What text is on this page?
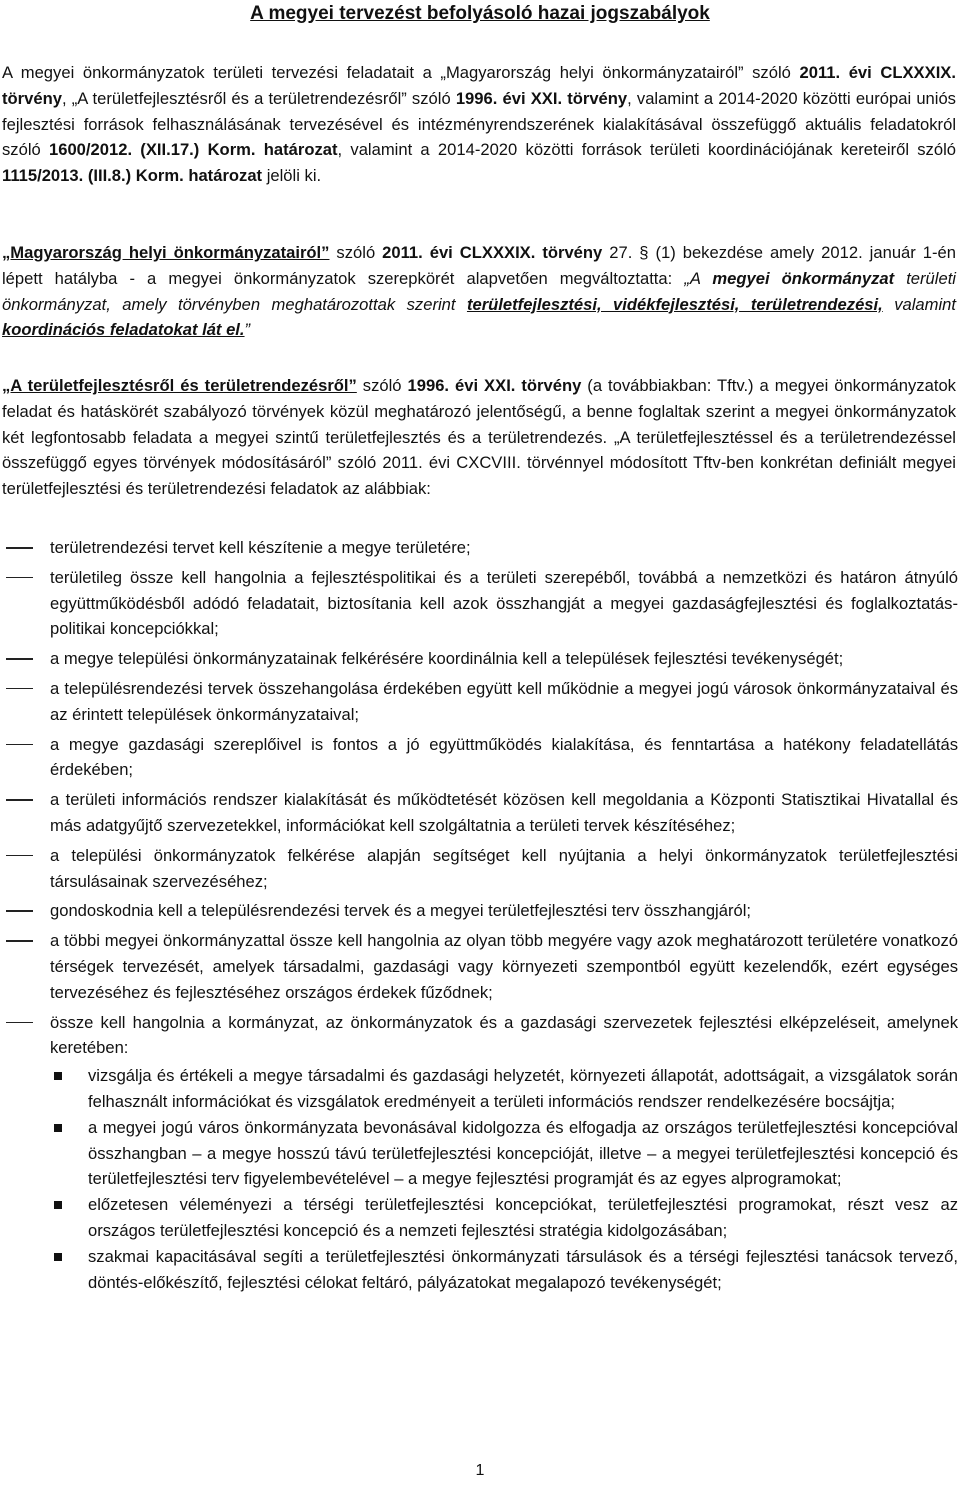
A megyei tervezést befolyásoló hazai jogszabályok

A megyei önkormányzatok területi tervezési feladatait a „Magyarország helyi önkormányzatairól” szóló 2011. évi CLXXXIX. törvény, „A területfejlesztésről és a területrendezésről” szóló 1996. évi XXI. törvény, valamint a 2014-2020 közötti európai uniós fejlesztési források felhasználásának tervezésével és intézményrendszerének kialakításával összefüggő aktuális feladatokról szóló 1600/2012. (XII.17.) Korm. határozat, valamint a 2014-2020 közötti források területi koordinációjának kereteiről szóló 1115/2013. (III.8.) Korm. határozat jelöli ki.

„Magyarország helyi önkormányzatairól” szóló 2011. évi CLXXXIX. törvény 27. § (1) bekezdése amely 2012. január 1-én lépett hatályba - a megyei önkormányzatok szerepkörét alapvetően megváltoztatta: „A megyei önkormányzat területi önkormányzat, amely törvényben meghatározottak szerint területfejlesztési, vidékfejlesztési, területrendezési, valamint koordinációs feladatokat lát el.”

„A területfejlesztésről és területrendezésről” szóló 1996. évi XXI. törvény (a továbbiakban: Tftv.) a megyei önkormányzatok feladat és hatáskörét szabályozó törvények közül meghatározó jelentőségű, a benne foglaltak szerint a megyei önkormányzatok két legfontosabb feladata a megyei szintű területfejlesztés és a területrendezés. „A területfejlesztéssel és a területrendezéssel összefüggő egyes törvények módosításáról” szóló 2011. évi CXCVIII. törvénnyel módosított Tftv-ben konkrétan definiált megyei területfejlesztési és területrendezési feladatok az alábbiak:

területrendezési tervet kell készítenie a megye területére;
területileg össze kell hangolnia a fejlesztéspolitikai és a területi szerepéből, továbbá a nemzetközi és határon átnyúló együttműködésből adódó feladatait, biztosítania kell azok összhangját a megyei gazdaságfejlesztési és foglalkoztatás-politikai koncepciókkal;
a megye települési önkormányzatainak felkérésére koordinálnia kell a települések fejlesztési tevékenységét;
a településrendezési tervek összehangolása érdekében együtt kell működnie a megyei jogú városok önkormányzataival és az érintett települések önkormányzataival;
a megye gazdasági szereplőivel is fontos a jó együttműködés kialakítása, és fenntartása a hatékony feladatellátás érdekében;
a területi információs rendszer kialakítását és működtetését közösen kell megoldania a Központi Statisztikai Hivatallal és más adatgyűjtő szervezetekkel, információkat kell szolgáltatnia a területi tervek készítéséhez;
a települési önkormányzatok felkérése alapján segítséget kell nyújtania a helyi önkormányzatok területfejlesztési társulásainak szervezéséhez;
gondoskodnia kell a településrendezési tervek és a megyei területfejlesztési terv összhangjáról;
a többi megyei önkormányzattal össze kell hangolnia az olyan több megyére vagy azok meghatározott területére vonatkozó térségek tervezését, amelyek társadalmi, gazdasági vagy környezeti szempontból együtt kezelendők, ezért egységes tervezéséhez és fejlesztéséhez országos érdekek fűződnek;
össze kell hangolnia a kormányzat, az önkormányzatok és a gazdasági szervezetek fejlesztési elképzeléseit, amelynek keretében:
vizsgálja és értékeli a megye társadalmi és gazdasági helyzetét, környezeti állapotát, adottságait, a vizsgálatok során felhasznált információkat és vizsgálatok eredményeit a területi információs rendszer rendelkezésére bocsájtja;
a megyei jogú város önkormányzata bevonásával kidolgozza és elfogadja az országos területfejlesztési koncepcióval összhangban – a megye hosszú távú területfejlesztési koncepcióját, illetve – a megyei területfejlesztési koncepció és területfejlesztési terv figyelembevételével – a megye fejlesztési programját és az egyes alprogramokat;
előzetesen véleményezi a térségi területfejlesztési koncepciókat, területfejlesztési programokat, részt vesz az országos területfejlesztési koncepció és a nemzeti fejlesztési stratégia kidolgozásában;
szakmai kapacitásával segíti a területfejlesztési önkormányzati társulások és a térségi fejlesztési tanácsok tervező, döntés-előkészítő, fejlesztési célokat feltáró, pályázatokat megalapozó tevékenységét;
1
